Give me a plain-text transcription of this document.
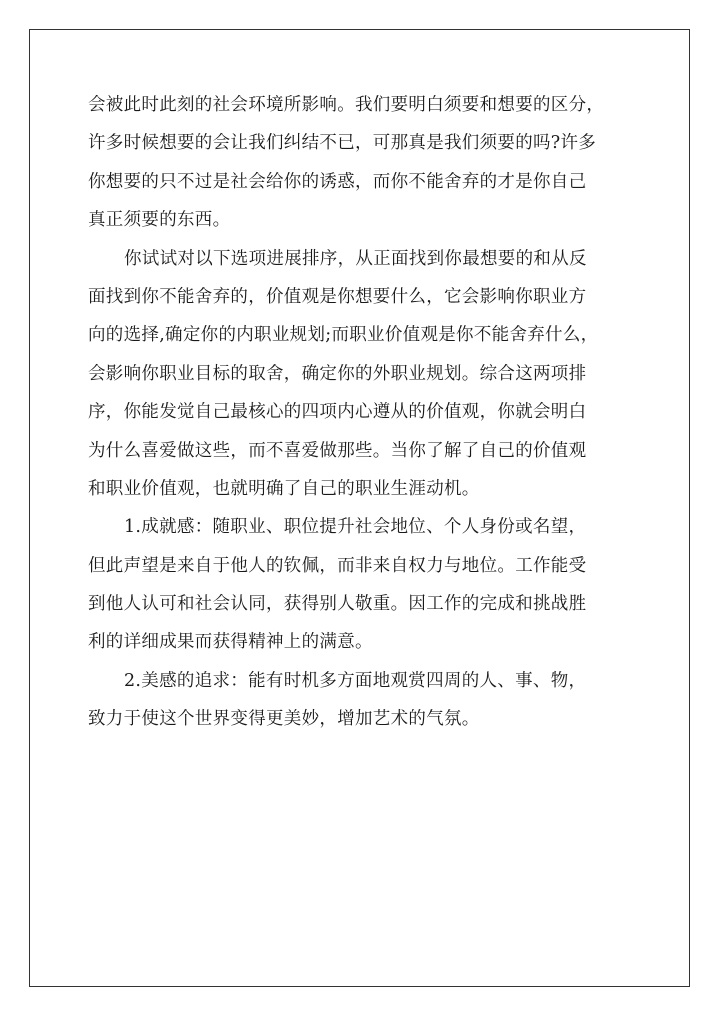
会被此时此刻的社会环境所影响。我们要明白须要和想要的区分，
许多时候想要的会让我们纠结不已，可那真是我们须要的吗?许多
你想要的只不过是社会给你的诱惑，而你不能舍弃的才是你自己
真正须要的东西。
你试试对以下选项进展排序，从正面找到你最想要的和从反
面找到你不能舍弃的，价值观是你想要什么，它会影响你职业方
向的选择,确定你的内职业规划;而职业价值观是你不能舍弃什么，
会影响你职业目标的取舍，确定你的外职业规划。综合这两项排
序，你能发觉自己最核心的四项内心遵从的价值观，你就会明白
为什么喜爱做这些，而不喜爱做那些。当你了解了自己的价值观
和职业价值观，也就明确了自己的职业生涯动机。
1.成就感：随职业、职位提升社会地位、个人身份或名望，
但此声望是来自于他人的钦佩，而非来自权力与地位。工作能受
到他人认可和社会认同，获得别人敬重。因工作的完成和挑战胜
利的详细成果而获得精神上的满意。
2.美感的追求：能有时机多方面地观赏四周的人、事、物，
致力于使这个世界变得更美妙，增加艺术的气氛。
